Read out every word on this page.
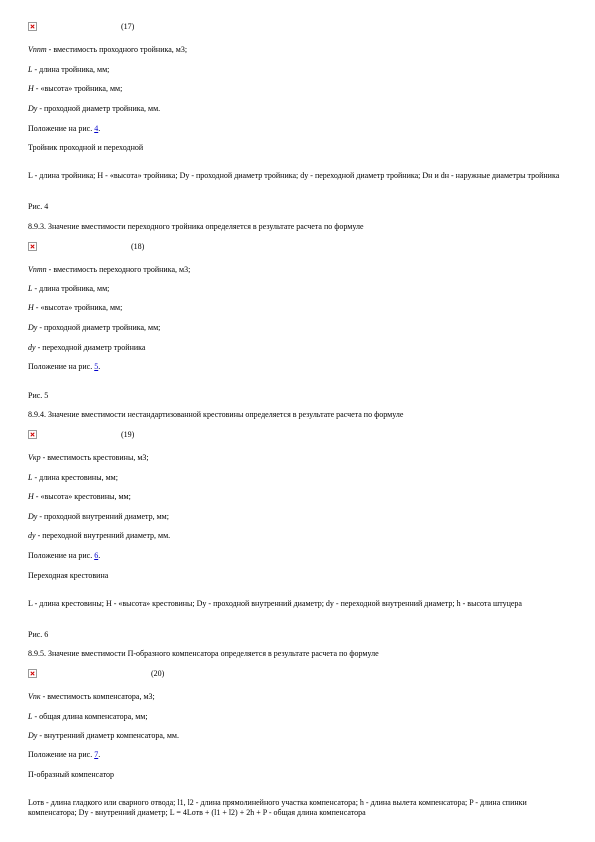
(17)
Vппт - вместимость проходного тройника, м3;
L - длина тройника, мм;
H - «высота» тройника, мм;
Dу - проходной диаметр тройника, мм.
Положение на рис. 4.
Тройник проходной и переходной
L - длина тройника; H - «высота» тройника; Dу - проходной диаметр тройника; dу - переходной диаметр тройника; Dн и dн - наружные диаметры тройника
Рис. 4
8.9.3. Значение вместимости переходного тройника определяется в результате расчета по формуле
(18)
Vптп - вместимость переходного тройника, м3;
L - длина тройника, мм;
H - «высота» тройника, мм;
Dу - проходной диаметр тройника, мм;
dу - переходной диаметр тройника
Положение на рис. 5.
Рис. 5
8.9.4. Значение вместимости нестандартизованной крестовины определяется в результате расчета по формуле
(19)
Vкр - вместимость крестовины, м3;
L - длина крестовины, мм;
H - «высота» крестовины, мм;
Dу - проходной внутренний диаметр, мм;
dу - переходной внутренний диаметр, мм.
Положение на рис. 6.
Переходная крестовина
L - длина крестовины; H - «высота» крестовины; Dу - проходной внутренний диаметр; dу - переходной внутренний диаметр; h - высота штуцера
Рис. 6
8.9.5. Значение вместимости П-образного компенсатора определяется в результате расчета по формуле
(20)
Vпк - вместимость компенсатора, м3;
L - общая длина компенсатора, мм;
Dу - внутренний диаметр компенсатора, мм.
Положение на рис. 7.
П-образный компенсатор
Lотв - длина гладкого или сварного отвода; l1, l2 - длина прямолинейного участка компенсатора; h - длина вылета компенсатора; P - длина спинки компенсатора; Dу - внутренний диаметр; L = 4Lотв + (l1 + l2) + 2h + P - общая длина компенсатора
